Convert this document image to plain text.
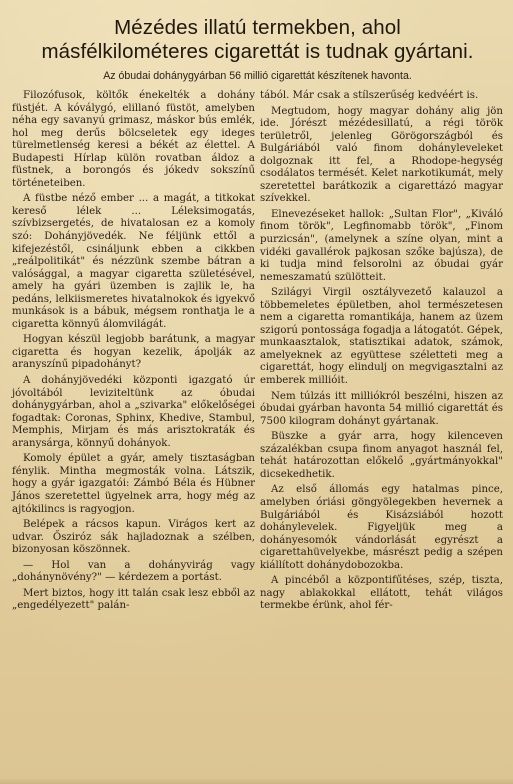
Mézédes illatú termekben, ahol
másfélkilométeres cigarettát is tudnak gyártani.
Az óbudai dohánygyárban 56 millió cigarettát készítenek havonta.

Filozófusok, költők énekelték a dohány füstjét. A kóválygó, elillanó füstöt, amelyben néha egy savanyú grimasz, máskor bús emlék, hol meg derűs bölcseletek egy ideges türelmetlenség keresi a békét az élettel. A Budapesti Hírlap külön rovatban áldoz a füstnek, a borongós és jókedv sokszínű történeteiben.

A füstbe néző ember ... a magát, a titkokat kereső lélek ... Léleksimogatás, szívbizsergetés, de hivatalosan ez a komoly szó: Dohányjövedék. Ne féljünk ettől a kifejezéstől, csináljunk ebben a cikkben „reálpolitikát" és nézzünk szembe bátran a valósággal, a magyar cigaretta születésével, amely ha gyári üzemben is zajlik le, ha pedáns, lelkiismeretes hivatalnokok és igyekvő munkások is a bábuk, mégsem ronthatja le a cigaretta könnyű álomvilágát.

Hogyan készül legjobb barátunk, a magyar cigaretta és hogyan kezelik, ápolják az aranyszínű pipadohányt?

A dohányjövedéki központi igazgató úr jóvoltából leviziteltünk az óbudai dohánygyárban, ahol a „szivarka" előkelőségei fogadtak: Coronas, Sphinx, Khedive, Stambul, Memphis, Mirjam és más arisztokraták és aranysárga, könnyű dohányok.

Komoly épület a gyár, amely tisztaságban fénylik. Mintha megmosták volna. Látszik, hogy a gyár igazgatói: Zámbó Béla és Hübner János szeretettel ügyelnek arra, hogy még az ajtókilincs is ragyogjon.

Belépek a rácsos kapun. Virágos kert az udvar. Ősziróz sák hajladoznak a szélben, bizonyosan köszönnek.

— Hol van a dohányvirág vagy „dohánynövény?" — kérdezem a portást.

Mert biztos, hogy itt talán csak lesz ebből az „engedélyezett" palán-

tából. Már csak a stílszerűség kedvéért is.

Megtudom, hogy magyar dohány alig jön ide. Jórészt mézédesillatú, a régi török területről, jelenleg Görögországból és Bulgáriából való finom dohányleveleket dolgoznak itt fel, a Rhodope-hegység csodálatos termését. Kelet narkotikumát, mely szeretettel barátkozik a cigarettázó magyar szívekkel.

Elnevezéseket hallok: „Sultan Flor", „Kiváló finom török", Legfinomabb török", „Finom purzicsán", (amelynek a színe olyan, mint a vidéki gavallérok pajkosan szőke bajúsza), de ki tudja mind felsorolni az óbudai gyár nemeszamatú szülötteit.

Szilágyi Virgil osztályvezető kalauzol a többemeletes épületben, ahol természetesen nem a cigaretta romantikája, hanem az üzem szigorú pontossága fogadja a látogatót. Gépek, munkaasztalok, statisztikai adatok, számok, amelyeknek az együttese széletteti meg a cigarettát, hogy elindulj on megvigasztalni az emberek millióit.

Nem túlzás itt milliókról beszélni, hiszen az óbudai gyárban havonta 54 millió cigarettát és 7500 kilogram dohányt gyártanak.

Büszke a gyár arra, hogy kilenceven százalékban csupa finom anyagot használ fel, tehát határozottan előkelő „gyártmányokkal" dicsekedhetik.

Az első állomás egy hatalmas pince, amelyben óriási göngyölegekben hevernek a Bulgáriából és Kisázsiából hozott dohánylevelek. Figyeljük meg a dohányesomók vándorlását egyrészt a cigarettahüvelyekbe, másrészt pedig a szépen kiállított dohánydobozokba.

A pincéből a központifűtéses, szép, tiszta, nagy ablakokkal ellátott, tehát világos termekbe érünk, ahol fér-
